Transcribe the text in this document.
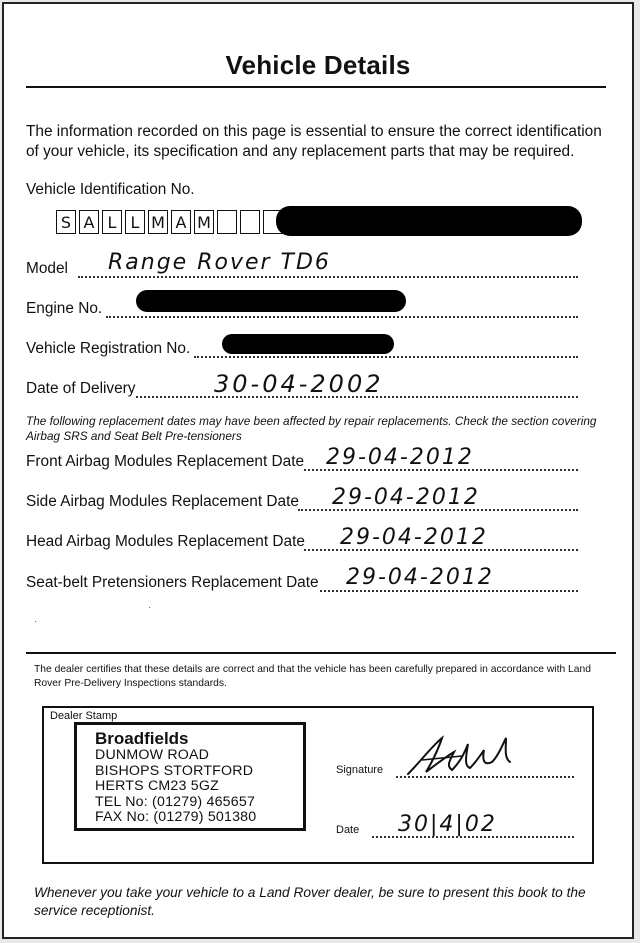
Vehicle Details
The information recorded on this page is essential to ensure the correct identification of your vehicle, its specification and any replacement parts that may be required.
Vehicle Identification No.
S A L L M A M
Model Range Rover TD6
Engine No.
Vehicle Registration No.
Date of Delivery	30-04-2002
The following replacement dates may have been affected by repair replacements. Check the section covering Airbag SRS and Seat Belt Pre-tensioners
Front Airbag Modules Replacement Date 29-04-2012
Side Airbag Modules Replacement Date 29-04-2012
Head Airbag Modules Replacement Date 29-04-2012
Seat-belt Pretensioners Replacement Date 29-04-2012
·
·
The dealer certifies that these details are correct and that the vehicle has been carefully prepared in accordance with Land Rover Pre-Delivery Inspections standards.
Dealer Stamp
Broadfields
DUNMOW ROAD
BISHOPS STORTFORD
HERTS CM23 5GZ
TEL No: (01279) 465657
FAX No: (01279) 501380
Signature
Date 30|4|02
Whenever you take your vehicle to a Land Rover dealer, be sure to present this book to the service receptionist.
